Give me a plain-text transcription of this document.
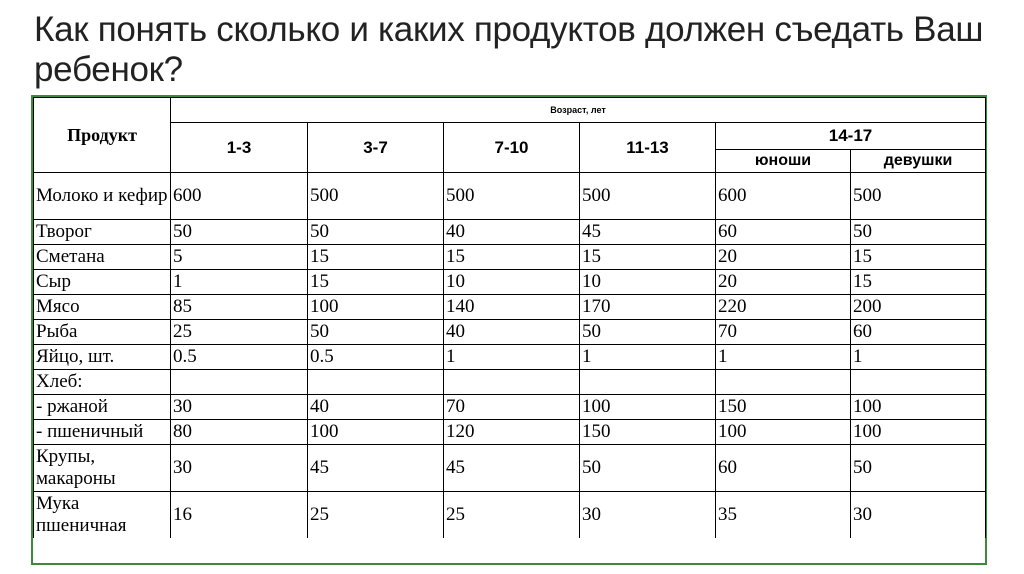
Как понять сколько и каких продуктов должен съедать Ваш ребенок?
Продукт	Возраст, лет					
	1-3	3-7	7-10	11-13	14-17	
					юноши	девушки
Молоко и кефир	600	500	500	500	600	500
Творог	50	50	40	45	60	50
Сметана	5	15	15	15	20	15
Сыр	1	15	10	10	20	15
Мясо	85	100	140	170	220	200
Рыба	25	50	40	50	70	60
Яйцо, шт.	0.5	0.5	1	1	1	1
Хлеб:						
- ржаной	30	40	70	100	150	100
- пшеничный	80	100	120	150	100	100
Крупы, макароны	30	45	45	50	60	50
Мука пшеничная	16	25	25	30	35	30
